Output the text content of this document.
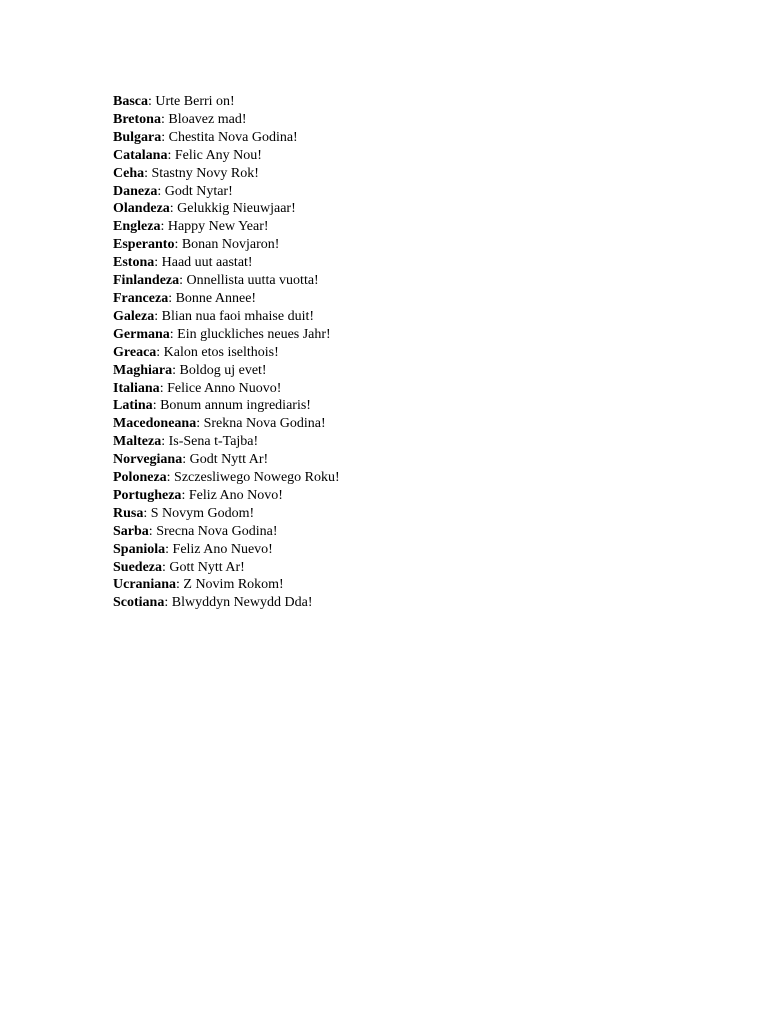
Basca: Urte Berri on!
Bretona: Bloavez mad!
Bulgara: Chestita Nova Godina!
Catalana: Felic Any Nou!
Ceha: Stastny Novy Rok!
Daneza: Godt Nytar!
Olandeza: Gelukkig Nieuwjaar!
Engleza: Happy New Year!
Esperanto: Bonan Novjaron!
Estona: Haad uut aastat!
Finlandeza: Onnellista uutta vuotta!
Franceza: Bonne Annee!
Galeza: Blian nua faoi mhaise duit!
Germana: Ein gluckliches neues Jahr!
Greaca: Kalon etos iselthois!
Maghiara: Boldog uj evet!
Italiana: Felice Anno Nuovo!
Latina: Bonum annum ingrediaris!
Macedoneana: Srekna Nova Godina!
Malteza: Is-Sena t-Tajba!
Norvegiana: Godt Nytt Ar!
Poloneza: Szczesliwego Nowego Roku!
Portugheza: Feliz Ano Novo!
Rusa: S Novym Godom!
Sarba: Srecna Nova Godina!
Spaniola: Feliz Ano Nuevo!
Suedeza: Gott Nytt Ar!
Ucraniana: Z Novim Rokom!
Scotiana: Blwyddyn Newydd Dda!
